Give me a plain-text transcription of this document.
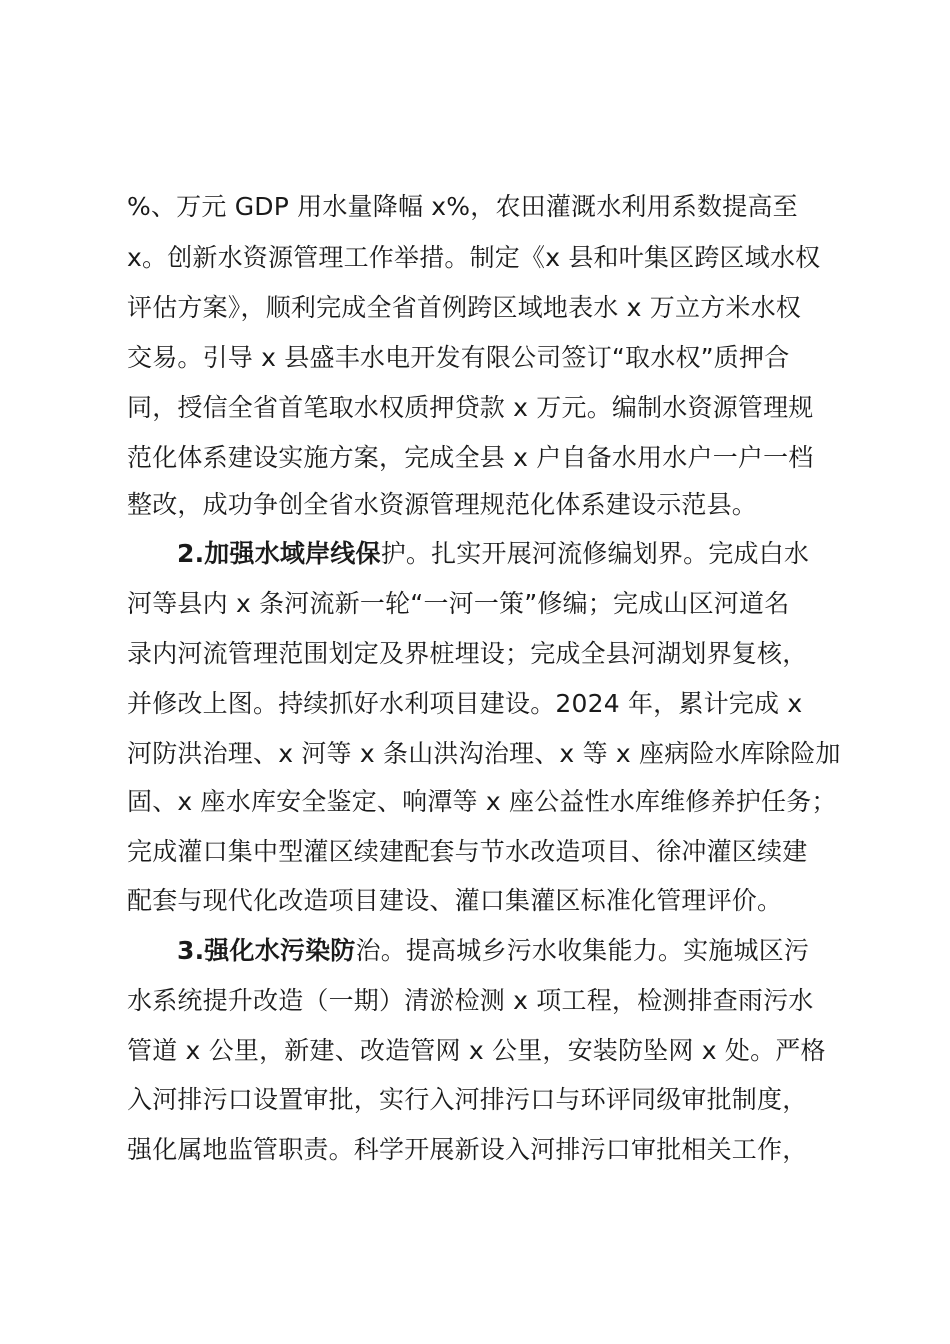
%、万元 GDP 用水量降幅 x%，农田灌溉水利用系数提高至
x。创新水资源管理工作举措。制定《x 县和叶集区跨区域水权
评估方案》，顺利完成全省首例跨区域地表水 x 万立方米水权
交易。引导 x 县盛丰水电开发有限公司签订“取水权”质押合
同，授信全省首笔取水权质押贷款 x 万元。编制水资源管理规
范化体系建设实施方案，完成全县 x 户自备水用水户一户一档
整改，成功争创全省水资源管理规范化体系建设示范县。
2.加强水域岸线保护。扎实开展河流修编划界。完成白水
河等县内 x 条河流新一轮“一河一策”修编；完成山区河道名
录内河流管理范围划定及界桩埋设；完成全县河湖划界复核，
并修改上图。持续抓好水利项目建设。2024 年，累计完成 x
河防洪治理、x 河等 x 条山洪沟治理、x 等 x 座病险水库除险加
固、x 座水库安全鉴定、响潭等 x 座公益性水库维修养护任务；
完成灌口集中型灌区续建配套与节水改造项目、徐冲灌区续建
配套与现代化改造项目建设、灌口集灌区标准化管理评价。
3.强化水污染防治。提高城乡污水收集能力。实施城区污
水系统提升改造（一期）清淤检测 x 项工程，检测排查雨污水
管道 x 公里，新建、改造管网 x 公里，安装防坠网 x 处。严格
入河排污口设置审批，实行入河排污口与环评同级审批制度，
强化属地监管职责。科学开展新设入河排污口审批相关工作，
